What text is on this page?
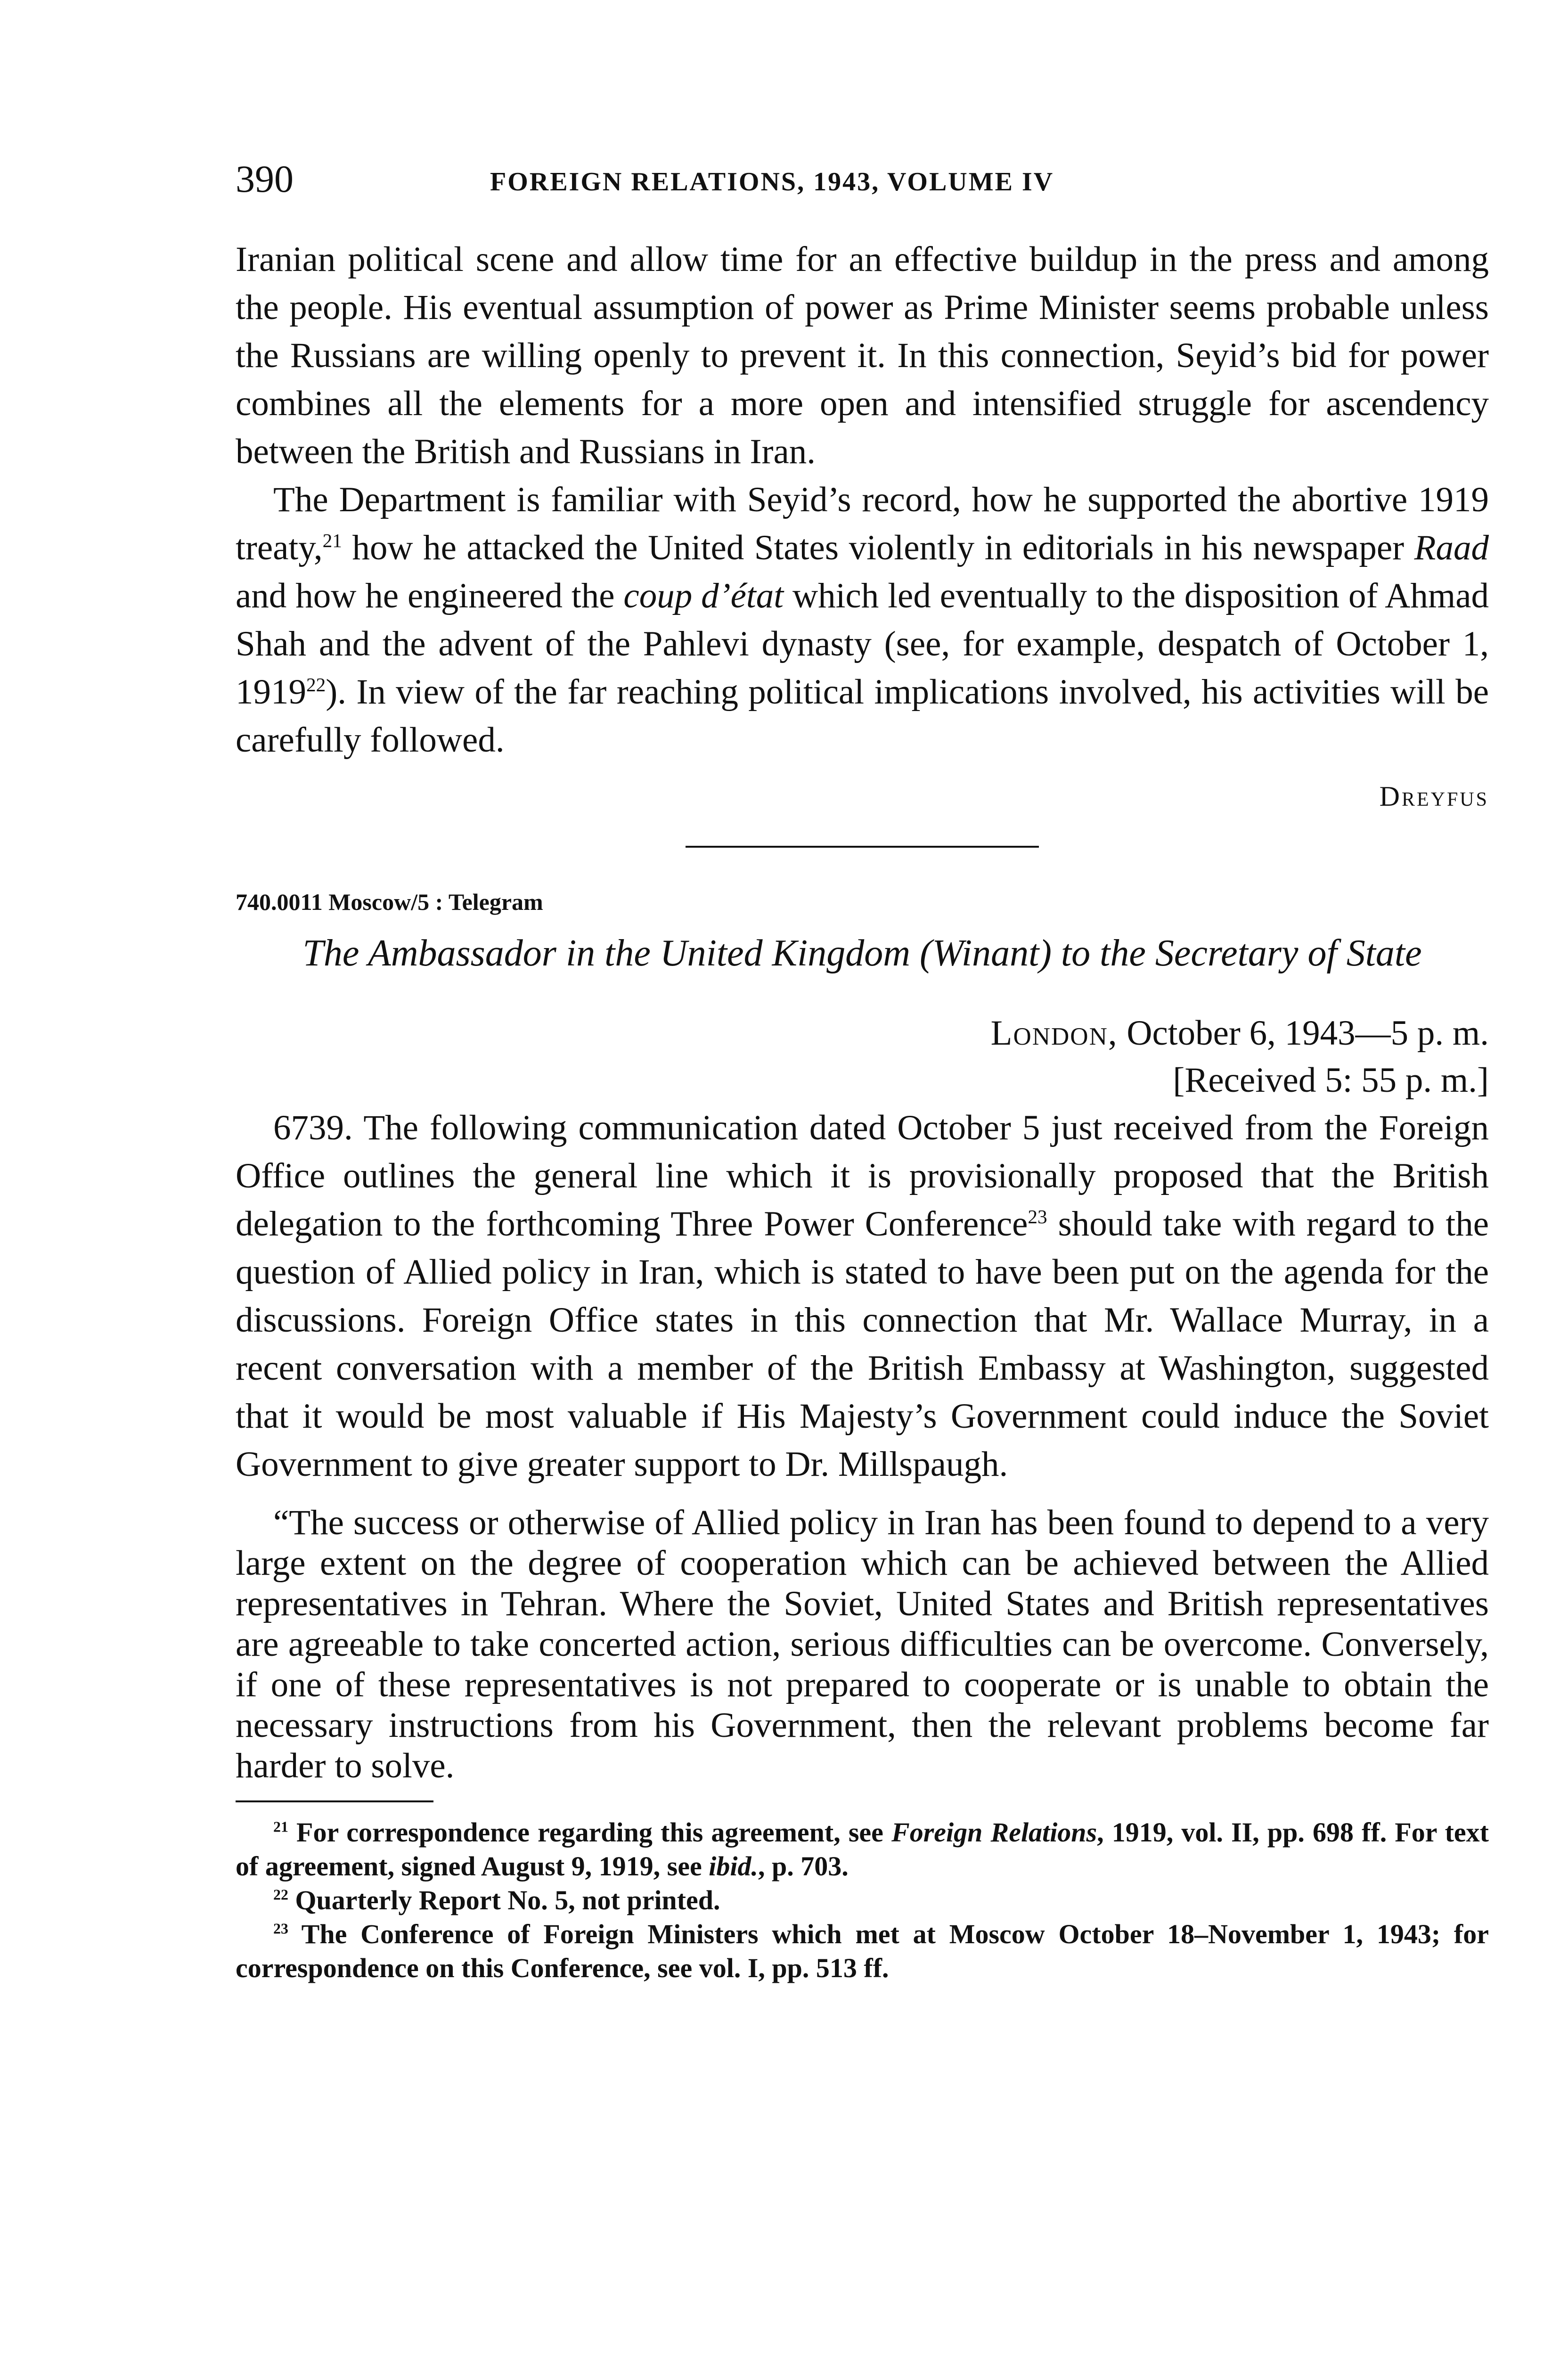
390	FOREIGN RELATIONS, 1943, VOLUME IV

Iranian political scene and allow time for an effective buildup in the press and among the people. His eventual assumption of power as Prime Minister seems probable unless the Russians are willing openly to prevent it. In this connection, Seyid’s bid for power combines all the elements for a more open and intensified struggle for ascendency between the British and Russians in Iran.

The Department is familiar with Seyid’s record, how he supported the abortive 1919 treaty,$^{21}$ how he attacked the United States violently in editorials in his newspaper Raad and how he engineered the coup d’état which led eventually to the disposition of Ahmad Shah and the advent of the Pahlevi dynasty (see, for example, despatch of October 1, 1919$^{22}$). In view of the far reaching political implications involved, his activities will be carefully followed.

Dreyfus
740.0011 Moscow/5 : Telegram
The Ambassador in the United Kingdom (Winant) to the Secretary of State
London, October 6, 1943—5 p. m.
[Received 5: 55 p. m.]

6739. The following communication dated October 5 just received from the Foreign Office outlines the general line which it is provisionally proposed that the British delegation to the forthcoming Three Power Conference$^{23}$ should take with regard to the question of Allied policy in Iran, which is stated to have been put on the agenda for the discussions. Foreign Office states in this connection that Mr. Wallace Murray, in a recent conversation with a member of the British Embassy at Washington, suggested that it would be most valuable if His Majesty’s Government could induce the Soviet Government to give greater support to Dr. Millspaugh.

“The success or otherwise of Allied policy in Iran has been found to depend to a very large extent on the degree of cooperation which can be achieved between the Allied representatives in Tehran. Where the Soviet, United States and British representatives are agreeable to take concerted action, serious difficulties can be overcome. Conversely, if one of these representatives is not prepared to cooperate or is unable to obtain the necessary instructions from his Government, then the relevant problems become far harder to solve.

$^{21}$ For correspondence regarding this agreement, see Foreign Relations, 1919, vol. II, pp. 698 ff. For text of agreement, signed August 9, 1919, see ibid., p. 703.

$^{22}$ Quarterly Report No. 5, not printed.

$^{23}$ The Conference of Foreign Ministers which met at Moscow October 18–November 1, 1943; for correspondence on this Conference, see vol. I, pp. 513 ff.
